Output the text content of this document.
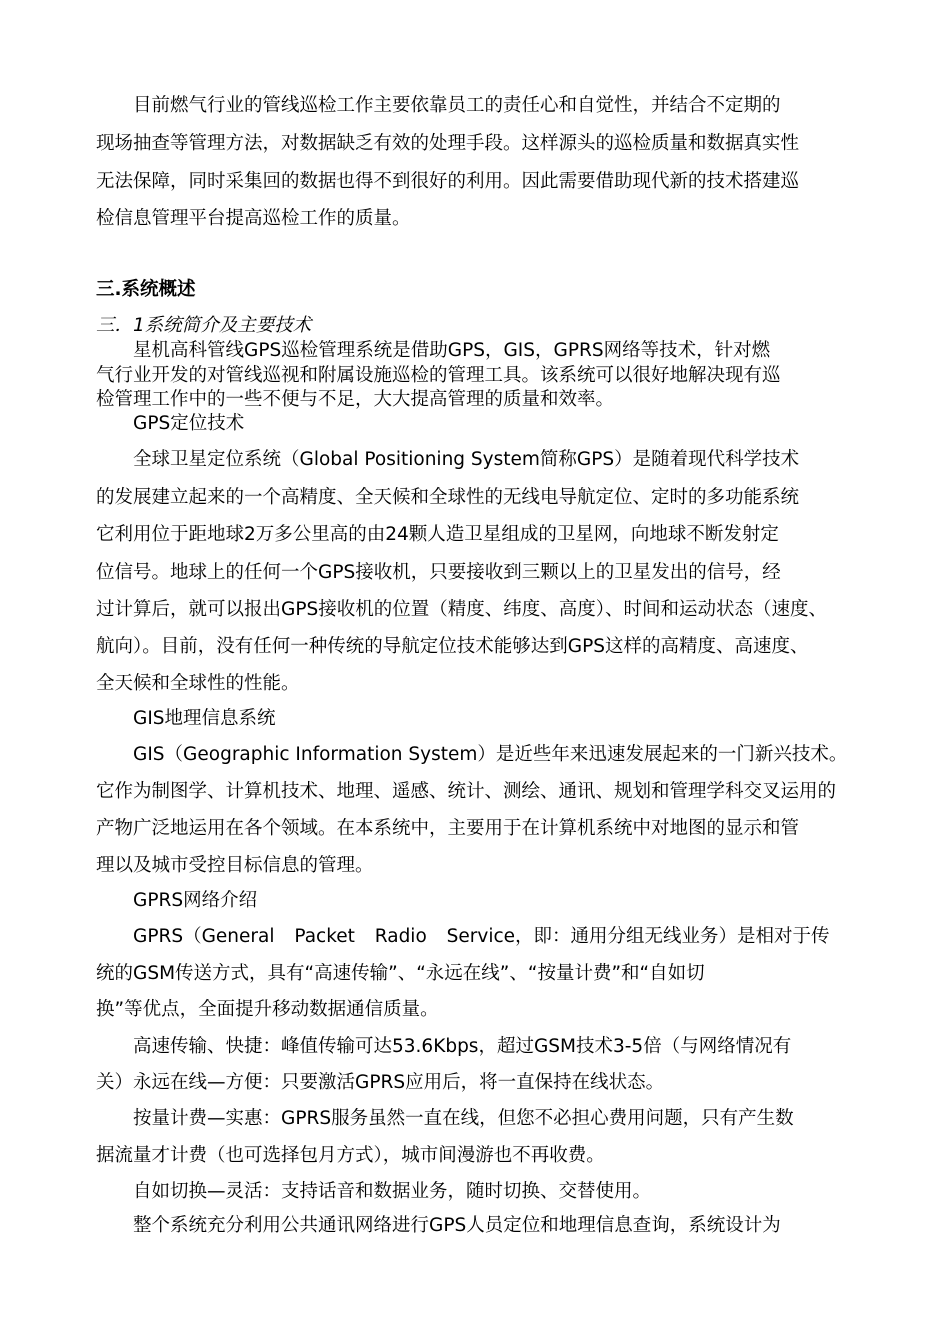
目前燃气行业的管线巡检工作主要依靠员工的责任心和自觉性，并结合不定期的
现场抽查等管理方法，对数据缺乏有效的处理手段。这样源头的巡检质量和数据真实性
无法保障，同时采集回的数据也得不到很好的利用。因此需要借助现代新的技术搭建巡
检信息管理平台提高巡检工作的质量。
三.系统概述
三．1系统简介及主要技术
星机高科管线GPS巡检管理系统是借助GPS，GIS，GPRS网络等技术，针对燃
气行业开发的对管线巡视和附属设施巡检的管理工具。该系统可以很好地解决现有巡
检管理工作中的一些不便与不足，大大提高管理的质量和效率。
GPS定位技术
全球卫星定位系统（Global Positioning System简称GPS）是随着现代科学技术
的发展建立起来的一个高精度、全天候和全球性的无线电导航定位、定时的多功能系统
它利用位于距地球2万多公里高的由24颗人造卫星组成的卫星网，向地球不断发射定
位信号。地球上的任何一个GPS接收机，只要接收到三颗以上的卫星发出的信号，经
过计算后，就可以报出GPS接收机的位置（精度、纬度、高度）、时间和运动状态（速度、
航向）。目前，没有任何一种传统的导航定位技术能够达到GPS这样的高精度、高速度、
全天候和全球性的性能。
GIS地理信息系统
GIS（Geographic Information System）是近些年来迅速发展起来的一门新兴技术。
它作为制图学、计算机技术、地理、遥感、统计、测绘、通讯、规划和管理学科交叉运用的
产物广泛地运用在各个领域。在本系统中，主要用于在计算机系统中对地图的显示和管
理以及城市受控目标信息的管理。
GPRS网络介绍
GPRS（General Packet Radio Service，即：通用分组无线业务）是相对于传
统的GSM传送方式，具有“高速传输”、“永远在线”、“按量计费”和“自如切
换”等优点，全面提升移动数据通信质量。
高速传输、快捷：峰值传输可达53.6Kbps，超过GSM技术3-5倍（与网络情况有
关）永远在线—方便：只要激活GPRS应用后，将一直保持在线状态。
按量计费—实惠：GPRS服务虽然一直在线，但您不必担心费用问题，只有产生数
据流量才计费（也可选择包月方式），城市间漫游也不再收费。
自如切换—灵活：支持话音和数据业务，随时切换、交替使用。
整个系统充分利用公共通讯网络进行GPS人员定位和地理信息查询，系统设计为
